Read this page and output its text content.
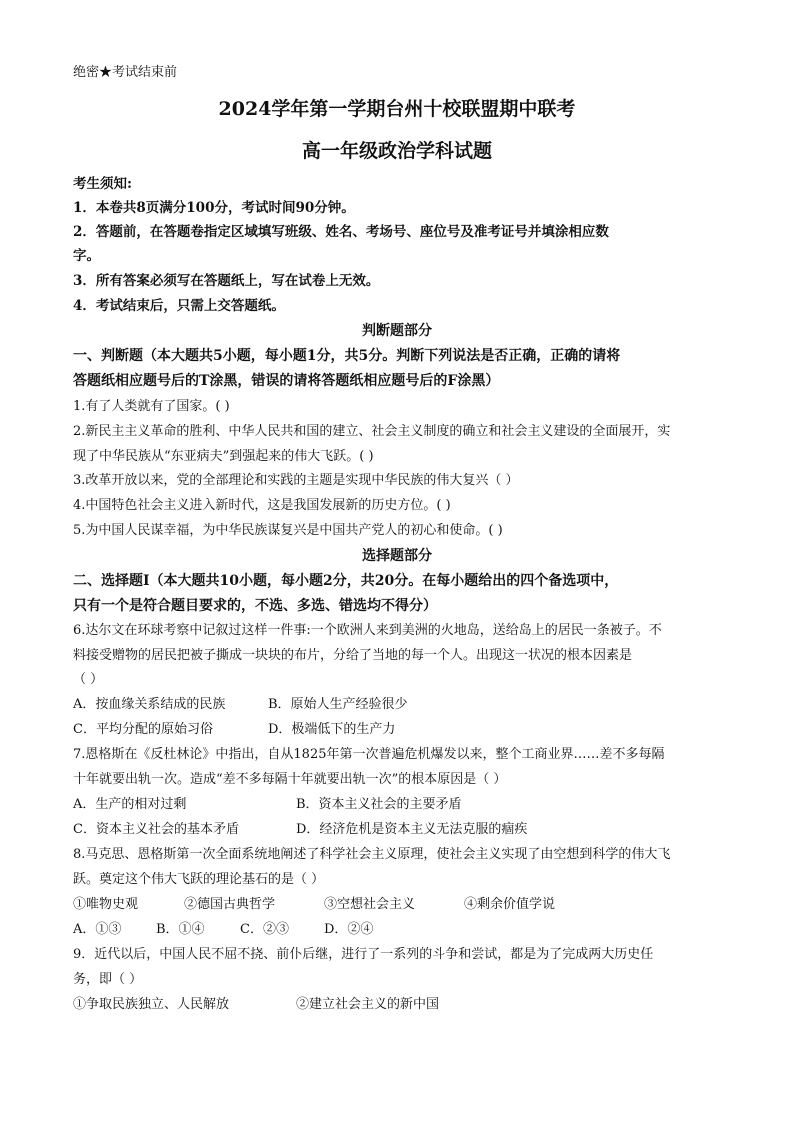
绝密★考试结束前
2024学年第一学期台州十校联盟期中联考
高一年级政治学科试题
考生须知:
1．本卷共8页满分100分，考试时间90分钟。
2．答题前，在答题卷指定区域填写班级、姓名、考场号、座位号及准考证号并填涂相应数
字。
3．所有答案必须写在答题纸上，写在试卷上无效。
4．考试结束后，只需上交答题纸。
判断题部分
一、判断题（本大题共5小题，每小题1分，共5分。判断下列说法是否正确，正确的请将
答题纸相应题号后的T涂黑，错误的请将答题纸相应题号后的F涂黑）
1.有了人类就有了国家。( )
2.新民主主义革命的胜利、中华人民共和国的建立、社会主义制度的确立和社会主义建设的全面展开，实
现了中华民族从“东亚病夫”到强起来的伟大飞跃。( )
3.改革开放以来，党的全部理论和实践的主题是实现中华民族的伟大复兴（ ）
4.中国特色社会主义进入新时代，这是我国发展新的历史方位。( )
5.为中国人民谋幸福，为中华民族谋复兴是中国共产党人的初心和使命。( )
选择题部分
二、选择题Ⅰ（本大题共10小题，每小题2分，共20分。在每小题给出的四个备选项中，
只有一个是符合题目要求的，不选、多选、错选均不得分）
6.达尔文在环球考察中记叙过这样一件事:一个欧洲人来到美洲的火地岛，送给岛上的居民一条被子。不
料接受赠物的居民把被子撕成一块块的布片，分给了当地的每一个人。出现这一状况的根本因素是
（ ）
A．按血缘关系结成的民族	B．原始人生产经验很少
C．平均分配的原始习俗	D．极端低下的生产力
7.恩格斯在《反杜林论》中指出，自从1825年第一次普遍危机爆发以来，整个工商业界……差不多每隔
十年就要出轨一次。造成“差不多每隔十年就要出轨一次”的根本原因是（ ）
A．生产的相对过剩	B．资本主义社会的主要矛盾
C．资本主义社会的基本矛盾	D．经济危机是资本主义无法克服的痼疾
8.马克思、恩格斯第一次全面系统地阐述了科学社会主义原理，使社会主义实现了由空想到科学的伟大飞
跃。奠定这个伟大飞跃的理论基石的是（ ）
①唯物史观	②德国古典哲学	③空想社会主义	④剩余价值学说
A．①③	B．①④	C．②③	D．②④
9．近代以后，中国人民不屈不挠、前仆后继，进行了一系列的斗争和尝试，都是为了完成两大历史任
务，即（ ）
①争取民族独立、人民解放	②建立社会主义的新中国
